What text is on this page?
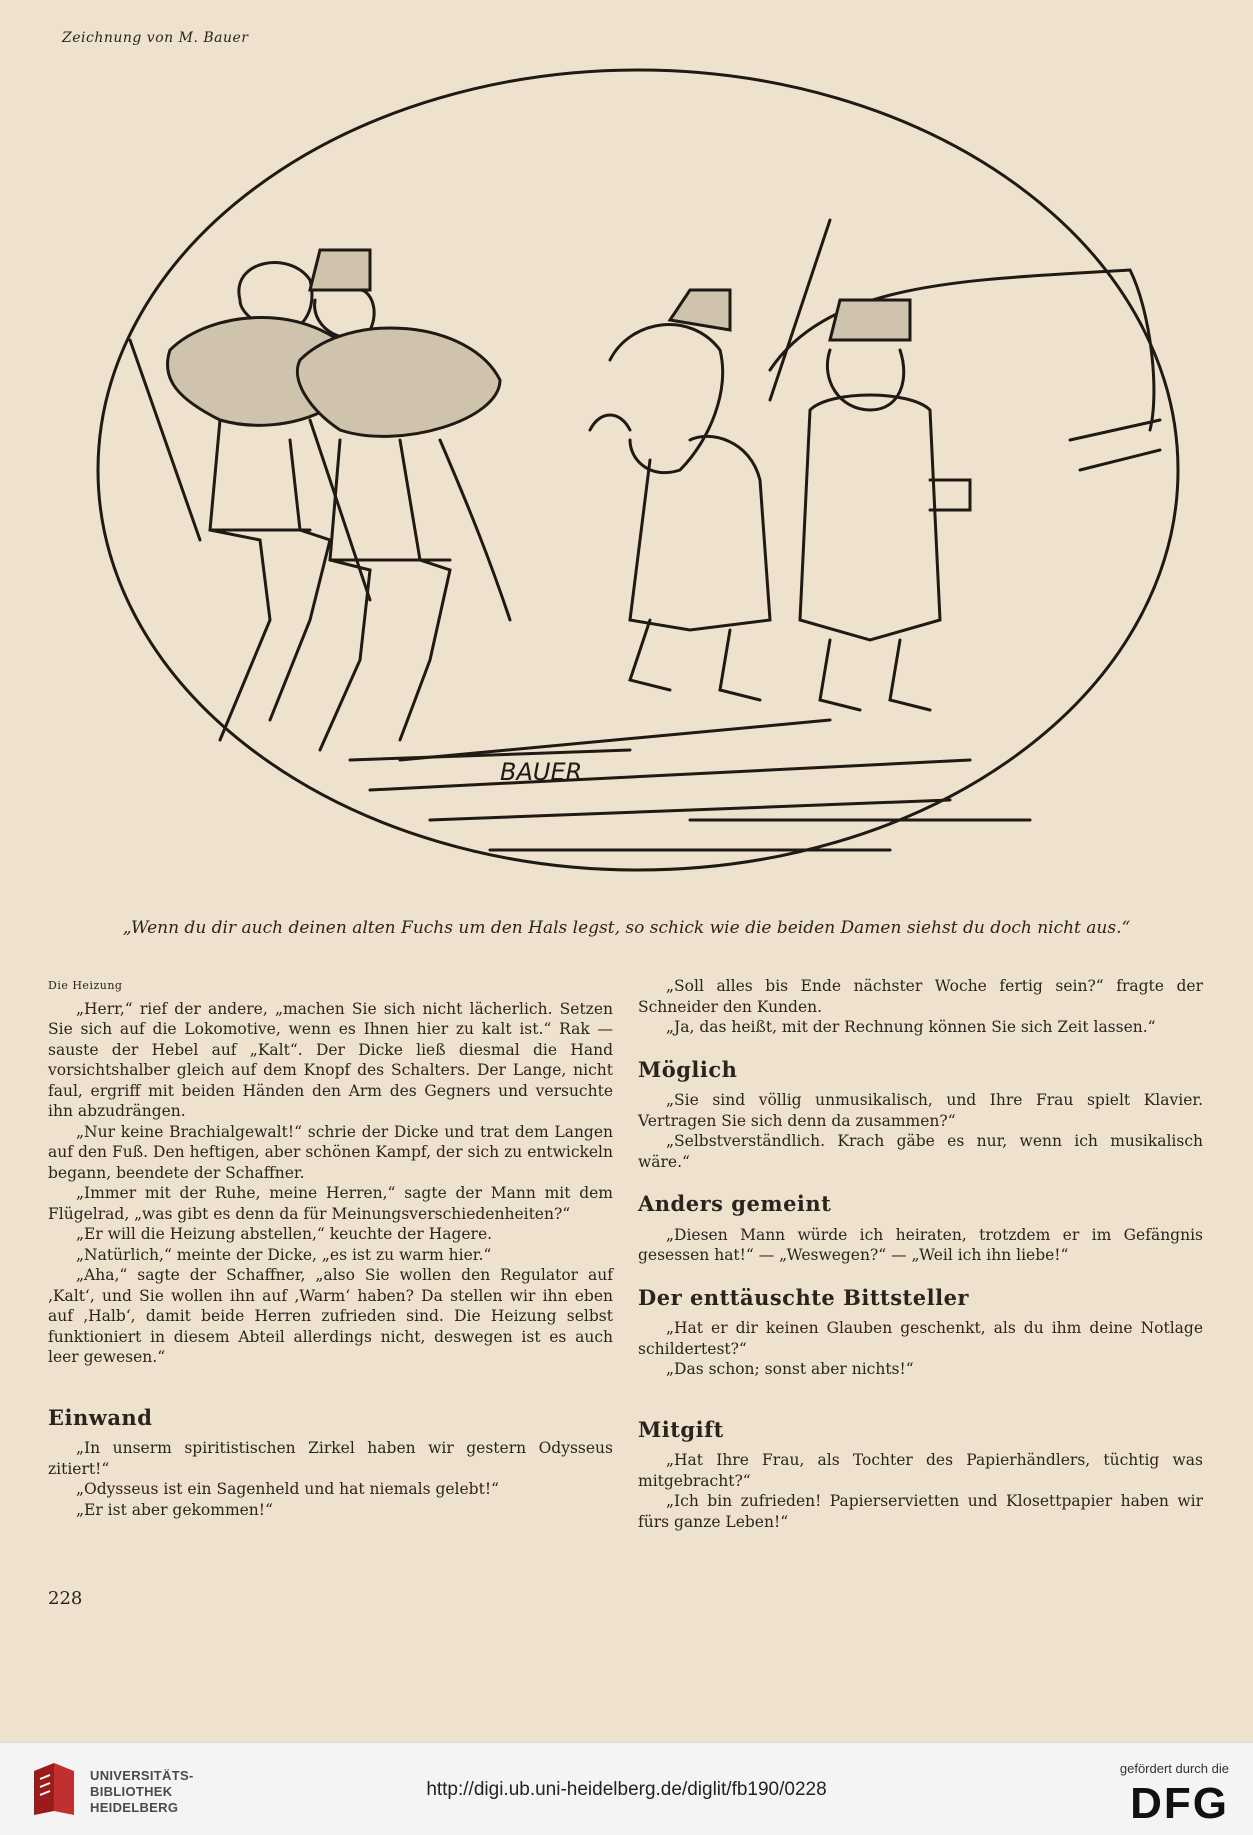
Zeichnung von M. Bauer
BAUER
„Wenn du dir auch deinen alten Fuchs um den Hals legst, so schick wie die beiden Damen siehst du doch nicht aus.“
Die Heizung

„Herr,“ rief der andere, „machen Sie sich nicht lächerlich. Setzen Sie sich auf die Lokomotive, wenn es Ihnen hier zu kalt ist.“ Rak — sauste der Hebel auf „Kalt“. Der Dicke ließ diesmal die Hand vorsichtshalber gleich auf dem Knopf des Schalters. Der Lange, nicht faul, ergriff mit beiden Händen den Arm des Gegners und versuchte ihn abzudrängen.

„Nur keine Brachialgewalt!“ schrie der Dicke und trat dem Langen auf den Fuß. Den heftigen, aber schönen Kampf, der sich zu entwickeln begann, beendete der Schaffner.

„Immer mit der Ruhe, meine Herren,“ sagte der Mann mit dem Flügelrad, „was gibt es denn da für Meinungsverschiedenheiten?“

„Er will die Heizung abstellen,“ keuchte der Hagere.

„Natürlich,“ meinte der Dicke, „es ist zu warm hier.“

„Aha,“ sagte der Schaffner, „also Sie wollen den Regulator auf ‚Kalt‘, und Sie wollen ihn auf ‚Warm‘ haben? Da stellen wir ihn eben auf ‚Halb‘, damit beide Herren zufrieden sind. Die Heizung selbst funktioniert in diesem Abteil allerdings nicht, deswegen ist es auch leer gewesen.“

Einwand

„In unserm spiritistischen Zirkel haben wir gestern Odysseus zitiert!“

„Odysseus ist ein Sagenheld und hat niemals gelebt!“

„Er ist aber gekommen!“

„Soll alles bis Ende nächster Woche fertig sein?“ fragte der Schneider den Kunden.

„Ja, das heißt, mit der Rechnung können Sie sich Zeit lassen.“

Möglich

„Sie sind völlig unmusikalisch, und Ihre Frau spielt Klavier. Vertragen Sie sich denn da zusammen?“

„Selbstverständlich. Krach gäbe es nur, wenn ich musikalisch wäre.“

Anders gemeint

„Diesen Mann würde ich heiraten, trotzdem er im Gefängnis gesessen hat!“ — „Weswegen?“ — „Weil ich ihn liebe!“

Der enttäuschte Bittsteller

„Hat er dir keinen Glauben geschenkt, als du ihm deine Notlage schildertest?“

„Das schon; sonst aber nichts!“

Mitgift

„Hat Ihre Frau, als Tochter des Papierhändlers, tüchtig was mitgebracht?“

„Ich bin zufrieden! Papierservietten und Klosettpapier haben wir fürs ganze Leben!“

228
UNIVERSITÄTS-
BIBLIOTHEK
HEIDELBERG
http://digi.ub.uni-heidelberg.de/diglit/fb190/0228
gefördert durch die
DFG
